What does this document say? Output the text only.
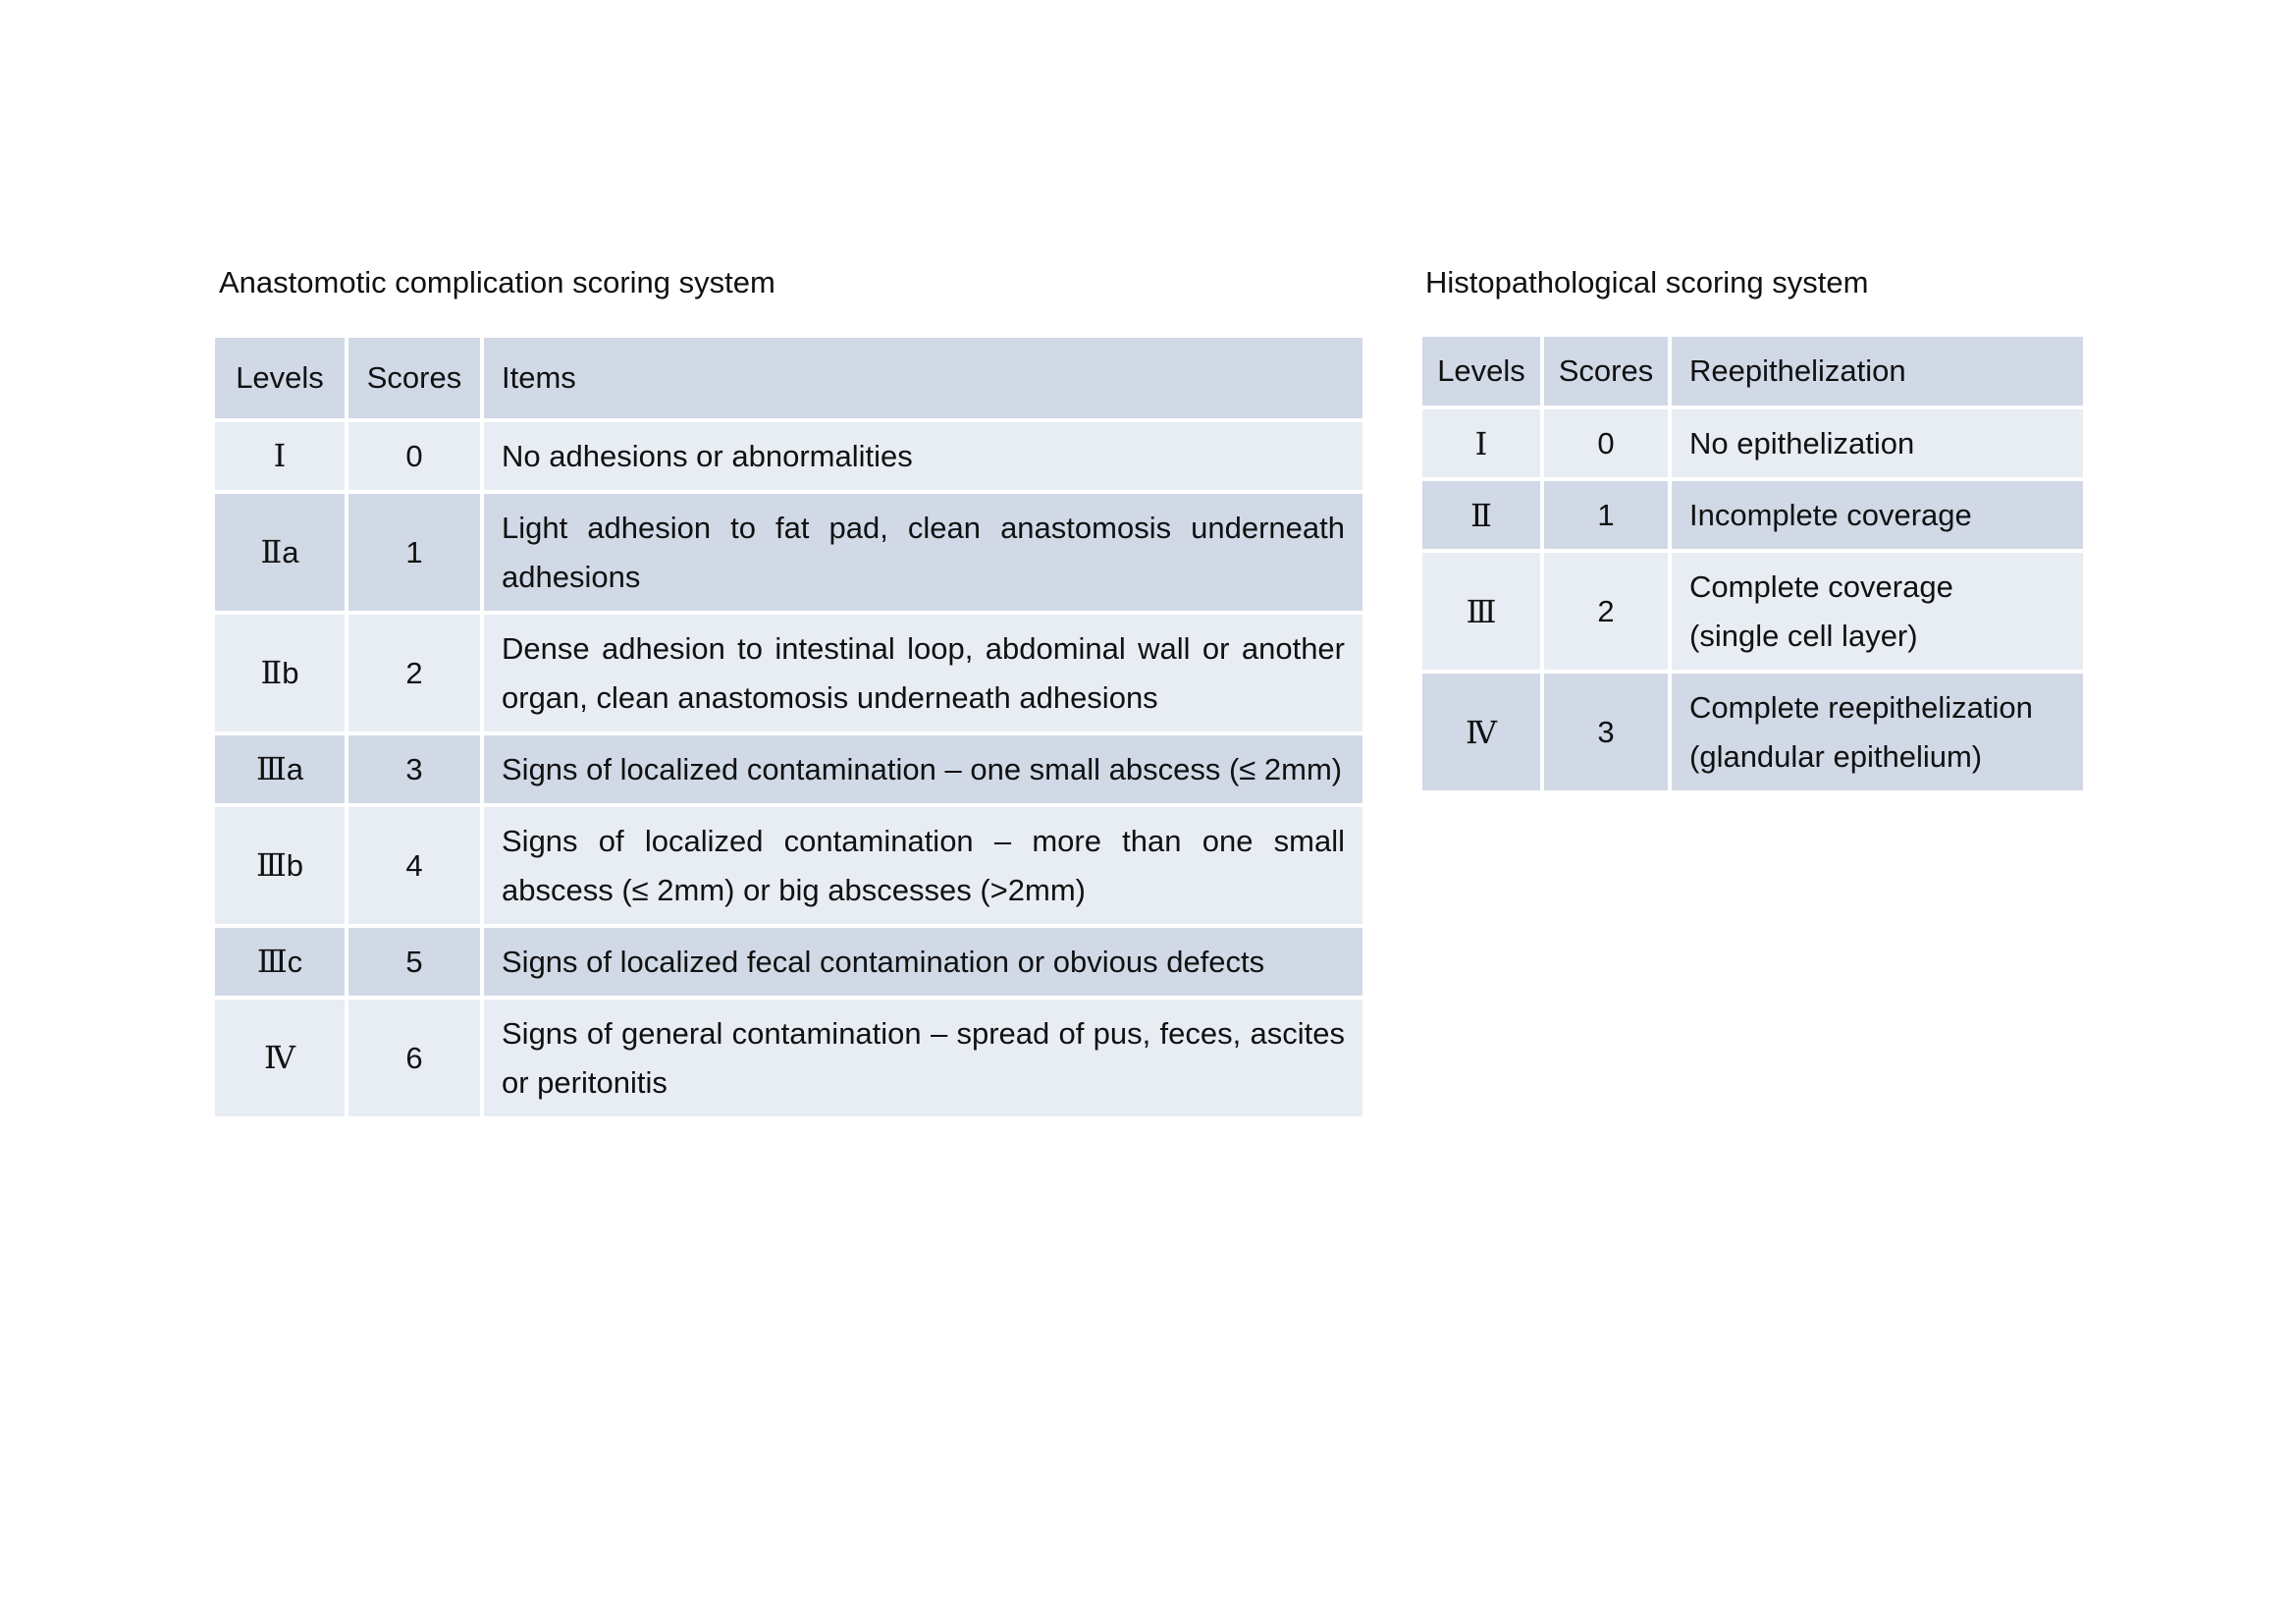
Anastomotic complication scoring system
Levels	Scores	Items
Ⅰ	0	No adhesions or abnormalities
Ⅱa	1	Light adhesion to fat pad, clean anastomosis underneath adhesions
Ⅱb	2	Dense adhesion to intestinal loop, abdominal wall or another organ, clean anastomosis underneath adhesions
Ⅲa	3	Signs of localized contamination – one small abscess (≤ 2mm)
Ⅲb	4	Signs of localized contamination – more than one small abscess (≤ 2mm) or big abscesses (>2mm)
Ⅲc	5	Signs of localized fecal contamination or obvious defects
Ⅳ	6	Signs of general contamination – spread of pus, feces, ascites or peritonitis
Histopathological scoring system
Levels	Scores	Reepithelization
Ⅰ	0	No epithelization

Ⅱ	1	Incomplete coverage

Ⅲ	2	Complete coverage
(single cell layer)

Ⅳ	3	Complete reepithelization
(glandular epithelium)
